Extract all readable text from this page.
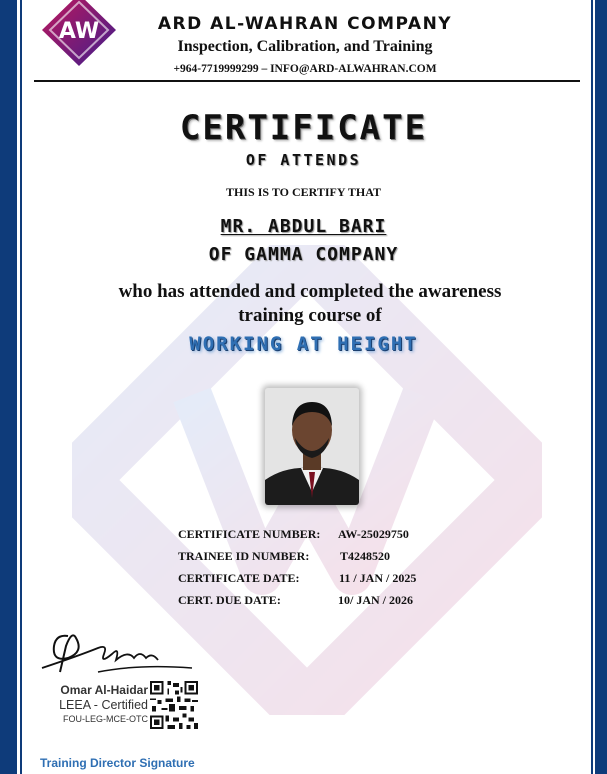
AW	ARD AL-WAHRAN COMPANY
Inspection, Calibration, and Training
+964-7719999299 – INFO@ARD-ALWAHRAN.COM
CERTIFICATE
OF ATTENDS
THIS IS TO CERTIFY THAT
MR. ABDUL BARI
OF GAMMA COMPANY
who has attended and completed the awareness
training course of
WORKING AT HEIGHT
CERTIFICATE NUMBER: AW-25029750
TRAINEE ID NUMBER:	T4248520
CERTIFICATE DATE:	11 / JAN / 2025
CERT. DUE DATE:	10/ JAN / 2026
Omar Al-Haidar
LEEA - Certified
FOU-LEG-MCE-OTC
Training Director Signature
